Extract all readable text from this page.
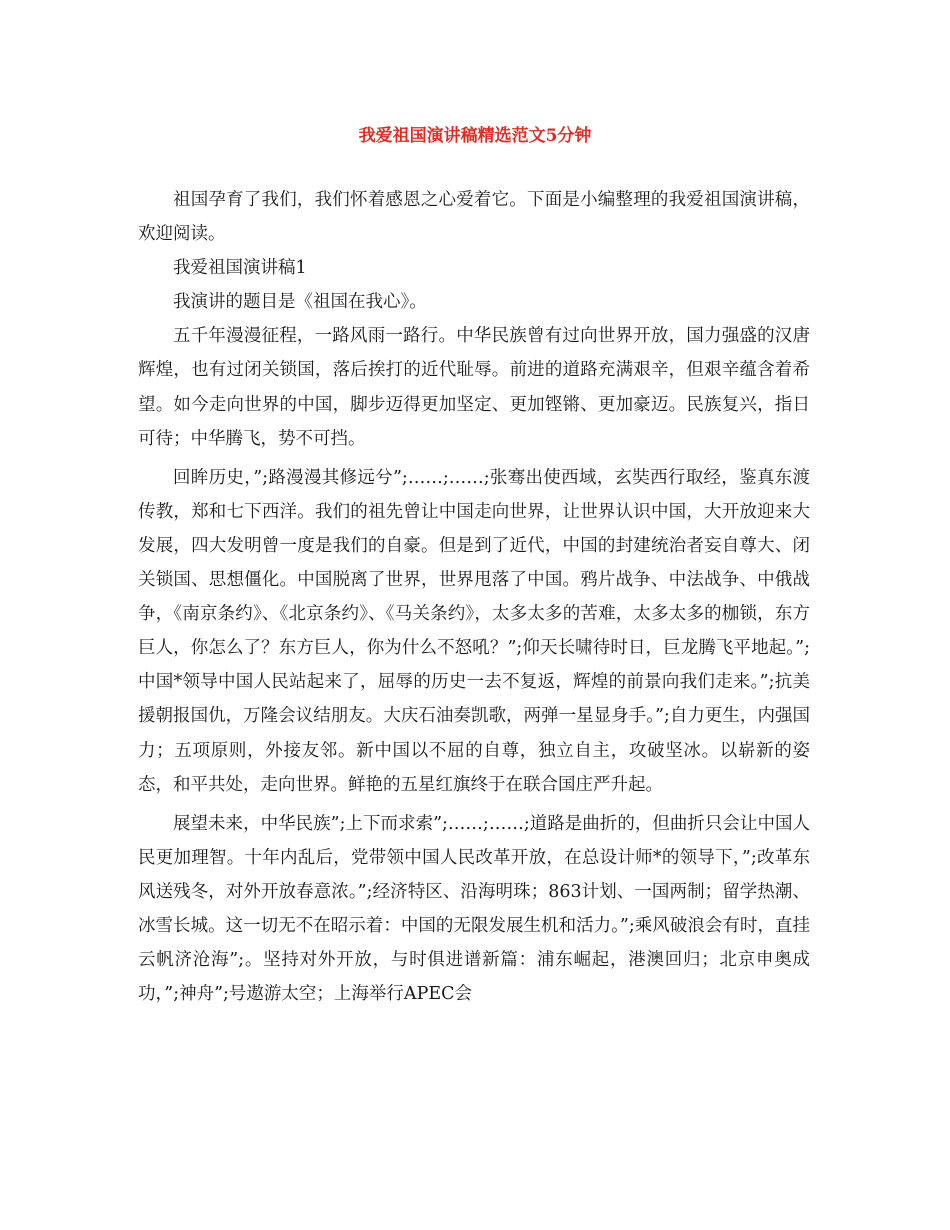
我爱祖国演讲稿精选范文5分钟

祖国孕育了我们，我们怀着感恩之心爱着它。下面是小编整理的我爱祖国演讲稿，欢迎阅读。

我爱祖国演讲稿1

我演讲的题目是《祖国在我心》。

五千年漫漫征程，一路风雨一路行。中华民族曾有过向世界开放，国力强盛的汉唐辉煌，也有过闭关锁国，落后挨打的近代耻辱。前进的道路充满艰辛，但艰辛蕴含着希望。如今走向世界的中国，脚步迈得更加坚定、更加铿锵、更加豪迈。民族复兴，指日可待；中华腾飞，势不可挡。

回眸历史，”;路漫漫其修远兮”;……;……;张骞出使西域，玄奘西行取经，鉴真东渡传教，郑和七下西洋。我们的祖先曾让中国走向世界，让世界认识中国，大开放迎来大发展，四大发明曾一度是我们的自豪。但是到了近代，中国的封建统治者妄自尊大、闭关锁国、思想僵化。中国脱离了世界，世界甩落了中国。鸦片战争、中法战争、中俄战争，《南京条约》、《北京条约》、《马关条约》，太多太多的苦难，太多太多的枷锁，东方巨人，你怎么了？东方巨人，你为什么不怒吼？”;仰天长啸待时日，巨龙腾飞平地起。”;中国*领导中国人民站起来了，屈辱的历史一去不复返，辉煌的前景向我们走来。”;抗美援朝报国仇，万隆会议结朋友。大庆石油奏凯歌，两弹一星显身手。”;自力更生，内强国力；五项原则，外接友邻。新中国以不屈的自尊，独立自主，攻破坚冰。以崭新的姿态，和平共处，走向世界。鲜艳的五星红旗终于在联合国庄严升起。

展望未来，中华民族”;上下而求索”;……;……;道路是曲折的，但曲折只会让中国人民更加理智。十年内乱后，党带领中国人民改革开放，在总设计师*的领导下，”;改革东风送残冬，对外开放春意浓。”;经济特区、沿海明珠；863计划、一国两制；留学热潮、冰雪长城。这一切无不在昭示着：中国的无限发展生机和活力。”;乘风破浪会有时，直挂云帆济沧海”;。坚持对外开放，与时俱进谱新篇：浦东崛起，港澳回归；北京申奥成功，”;神舟”;号遨游太空；上海举行APEC会
